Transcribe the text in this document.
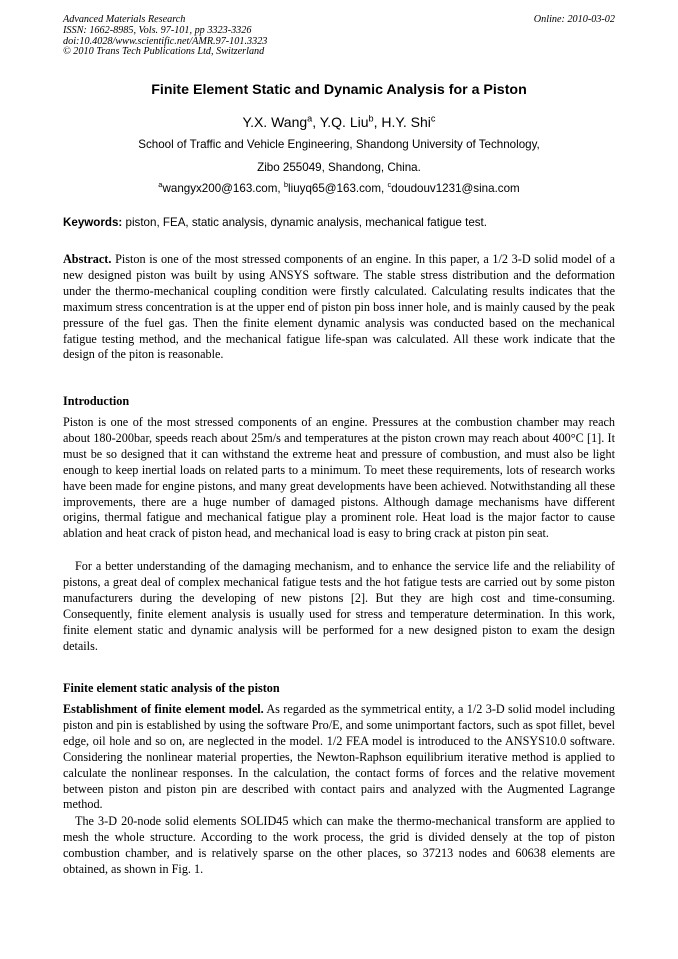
Advanced Materials Research
ISSN: 1662-8985, Vols. 97-101, pp 3323-3326
doi:10.4028/www.scientific.net/AMR.97-101.3323
© 2010 Trans Tech Publications Ltd, Switzerland
Online: 2010-03-02
Finite Element Static and Dynamic Analysis for a Piston
Y.X. Wang$^a$, Y.Q. Liu$^b$, H.Y. Shi$^c$
School of Traffic and Vehicle Engineering, Shandong University of Technology,
Zibo 255049, Shandong, China.
$^a$wangyx200@163.com, $^b$liuyq65@163.com, $^c$doudouv1231@sina.com
Keywords: piston, FEA, static analysis, dynamic analysis, mechanical fatigue test.
Abstract. Piston is one of the most stressed components of an engine. In this paper, a 1/2 3-D solid model of a new designed piston was built by using ANSYS software. The stable stress distribution and the deformation under the thermo-mechanical coupling condition were firstly calculated. Calculating results indicates that the maximum stress concentration is at the upper end of piston pin boss inner hole, and is mainly caused by the peak pressure of the fuel gas. Then the finite element dynamic analysis was conducted based on the mechanical fatigue testing method, and the mechanical fatigue life-span was calculated. All these work indicate that the design of the piton is reasonable.
Introduction
Piston is one of the most stressed components of an engine. Pressures at the combustion chamber may reach about 180-200bar, speeds reach about 25m/s and temperatures at the piston crown may reach about 400°C [1]. It must be so designed that it can withstand the extreme heat and pressure of combustion, and must also be light enough to keep inertial loads on related parts to a minimum. To meet these requirements, lots of research works have been made for engine pistons, and many great developments have been achieved. Notwithstanding all these improvements, there are a huge number of damaged pistons. Although damage mechanisms have different origins, thermal fatigue and mechanical fatigue play a prominent role. Heat load is the major factor to cause ablation and heat crack of piston head, and mechanical load is easy to bring crack at piston pin seat.
For a better understanding of the damaging mechanism, and to enhance the service life and the reliability of pistons, a great deal of complex mechanical fatigue tests and the hot fatigue tests are carried out by some piston manufacturers during the developing of new pistons [2]. But they are high cost and time-consuming. Consequently, finite element analysis is usually used for stress and temperature determination. In this work, finite element static and dynamic analysis will be performed for a new designed piston to exam the design details.
Finite element static analysis of the piston
Establishment of finite element model. As regarded as the symmetrical entity, a 1/2 3-D solid model including piston and pin is established by using the software Pro/E, and some unimportant factors, such as spot fillet, bevel edge, oil hole and so on, are neglected in the model. 1/2 FEA model is introduced to the ANSYS10.0 software. Considering the nonlinear material properties, the Newton-Raphson equilibrium iterative method is applied to calculate the nonlinear responses. In the calculation, the contact forms of forces and the relative movement between piston and piston pin are described with contact pairs and analyzed with the Augmented Lagrange method.
The 3-D 20-node solid elements SOLID45 which can make the thermo-mechanical transform are applied to mesh the whole structure. According to the work process, the grid is divided densely at the top of piston combustion chamber, and is relatively sparse on the other places, so 37213 nodes and 60638 elements are obtained, as shown in Fig. 1.
